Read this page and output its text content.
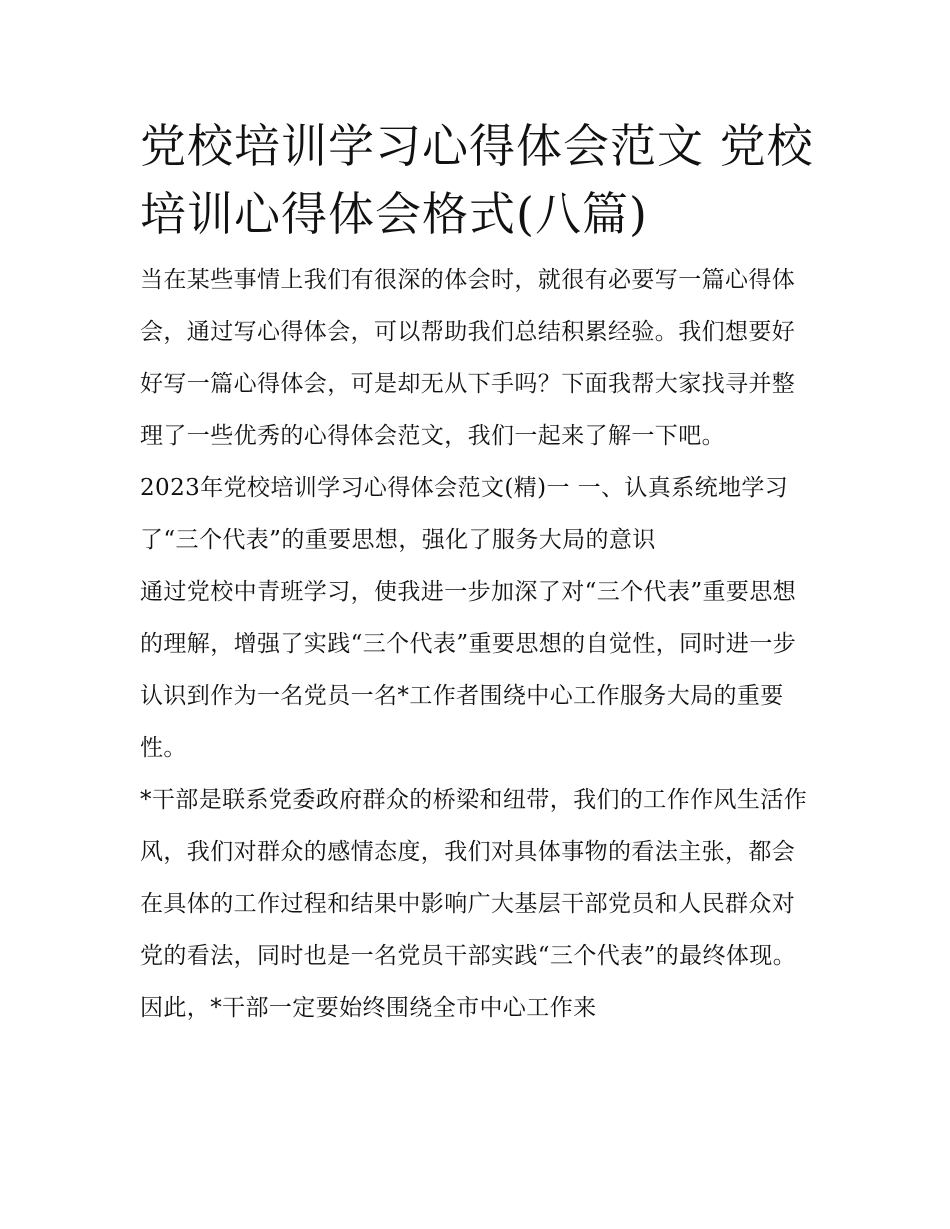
党校培训学习心得体会范文 党校培训心得体会格式(八篇)

当在某些事情上我们有很深的体会时，就很有必要写一篇心得体会，通过写心得体会，可以帮助我们总结积累经验。我们想要好好写一篇心得体会，可是却无从下手吗？下面我帮大家找寻并整理了一些优秀的心得体会范文，我们一起来了解一下吧。

2023年党校培训学习心得体会范文(精)一 一、认真系统地学习了“三个代表”的重要思想，强化了服务大局的意识

通过党校中青班学习，使我进一步加深了对“三个代表”重要思想的理解，增强了实践“三个代表”重要思想的自觉性，同时进一步认识到作为一名党员一名*工作者围绕中心工作服务大局的重要性。

*干部是联系党委政府群众的桥梁和纽带，我们的工作作风生活作风，我们对群众的感情态度，我们对具体事物的看法主张，都会在具体的工作过程和结果中影响广大基层干部党员和人民群众对党的看法，同时也是一名党员干部实践“三个代表”的最终体现。因此，*干部一定要始终围绕全市中心工作来
